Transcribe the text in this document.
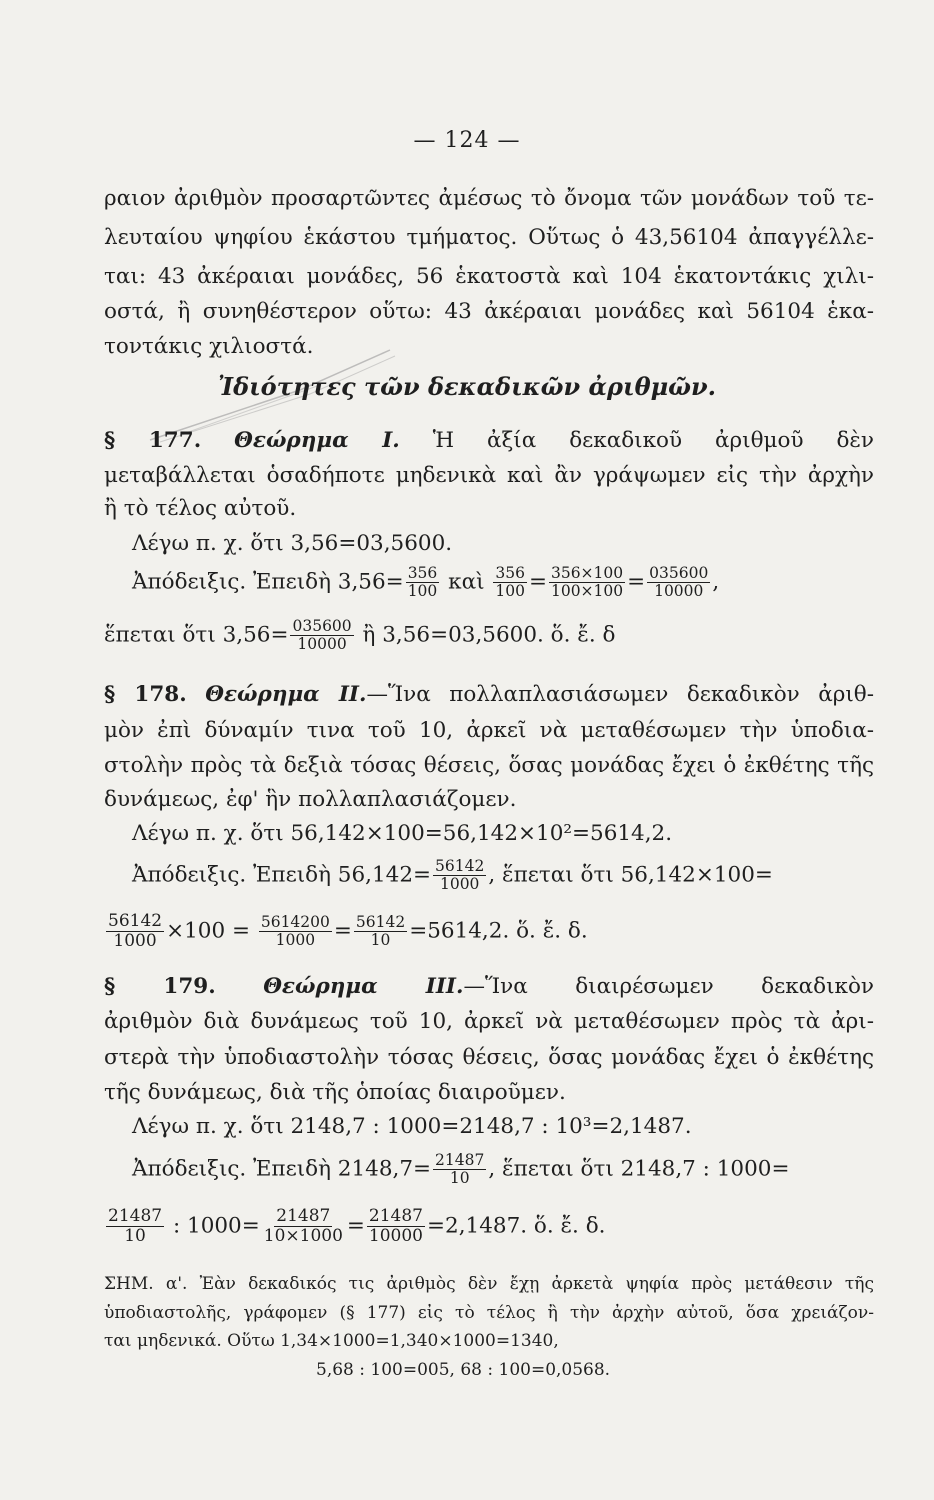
— 124 —
ραιον ἀριθμὸν προσαρτῶντες ἀμέσως τὸ ὄνομα τῶν μονάδων τοῦ τε-
λευταίου ψηφίου ἑκάστου τμήματος. Οὕτως ὁ 43,56104 ἀπαγγέλλε-
ται: 43 ἀκέραιαι μονάδες, 56 ἑκατοστὰ καὶ 104 ἑκατοντάκις χιλι-
οστά, ἢ συνηθέστερον οὕτω: 43 ἀκέραιαι μονάδες καὶ 56104 ἑκα-
τοντάκις χιλιοστά.
Ἰδιότητες τῶν δεκαδικῶν ἀριθμῶν.
§ 177. Θεώρημα Ι. Ἡ ἀξία δεκαδικοῦ ἀριθμοῦ δὲν
μεταβάλλεται ὁσαδήποτε μηδενικὰ καὶ ἂν γράψωμεν εἰς τὴν ἀρχὴν
ἢ τὸ τέλος αὐτοῦ.
Λέγω π. χ. ὅτι 3,56=03,5600.
Ἀπόδειξις. Ἐπειδὴ $3,56= \frac{356}{100}$ καὶ $\frac{356}{100} = \frac{356\times 100}{100\times 100} = \frac{035600}{10000}$ ,
ἕπεται ὅτι $3,56= \frac{035600}{10000}$ ἢ 3,56=03,5600. ὅ. ἔ. δ
§ 178. Θεώρημα ΙΙ.—Ἵνα πολλαπλασιάσωμεν δεκαδικὸν ἀριθ-
μὸν ἐπὶ δύναμίν τινα τοῦ 10, ἀρκεῖ νὰ μεταθέσωμεν τὴν ὑποδια-
στολὴν πρὸς τὰ δεξιὰ τόσας θέσεις, ὅσας μονάδας ἔχει ὁ ἐκθέτης τῆς
δυνάμεως, ἐφ' ἣν πολλαπλασιάζομεν.
Λέγω π. χ. ὅτι 56,142×100=56,142×10²=5614,2.
Ἀπόδειξις. Ἐπειδὴ $56,142= \frac{56142}{1000}$ , ἕπεται ὅτι 56,142×100=
$\frac{56142}{1000} \times 100 = \frac{5614200}{1000} = \frac{56142}{10} =5614,2$. ὅ. ἔ. δ.
§ 179. Θεώρημα ΙΙΙ.—Ἵνα διαιρέσωμεν δεκαδικὸν
ἀριθμὸν διὰ δυνάμεως τοῦ 10, ἀρκεῖ νὰ μεταθέσωμεν πρὸς τὰ ἀρι-
στερὰ τὴν ὑποδιαστολὴν τόσας θέσεις, ὅσας μονάδας ἔχει ὁ ἐκθέτης
τῆς δυνάμεως, διὰ τῆς ὁποίας διαιροῦμεν.
Λέγω π. χ. ὅτι 2148,7 : 1000=2148,7 : 10³=2,1487.
Ἀπόδειξις. Ἐπειδὴ $2148,7= \frac{21487}{10}$ , ἕπεται ὅτι 2148,7 : 1000=
$\frac{21487}{10}$ : $1000= \frac{21487}{10\times 1000} = \frac{21487}{10000} =2,1487$. ὅ. ἔ. δ.
ΣΗΜ. α'. Ἐὰν δεκαδικός τις ἀριθμὸς δὲν ἔχῃ ἀρκετὰ ψηφία πρὸς μετάθεσιν τῆς
ὑποδιαστολῆς, γράφομεν (§ 177) εἰς τὸ τέλος ἢ τὴν ἀρχὴν αὐτοῦ, ὅσα χρειάζον-
ται μηδενικά. Οὕτω 1,34×1000=1,340×1000=1340,
5,68 : 100=005, 68 : 100=0,0568.
